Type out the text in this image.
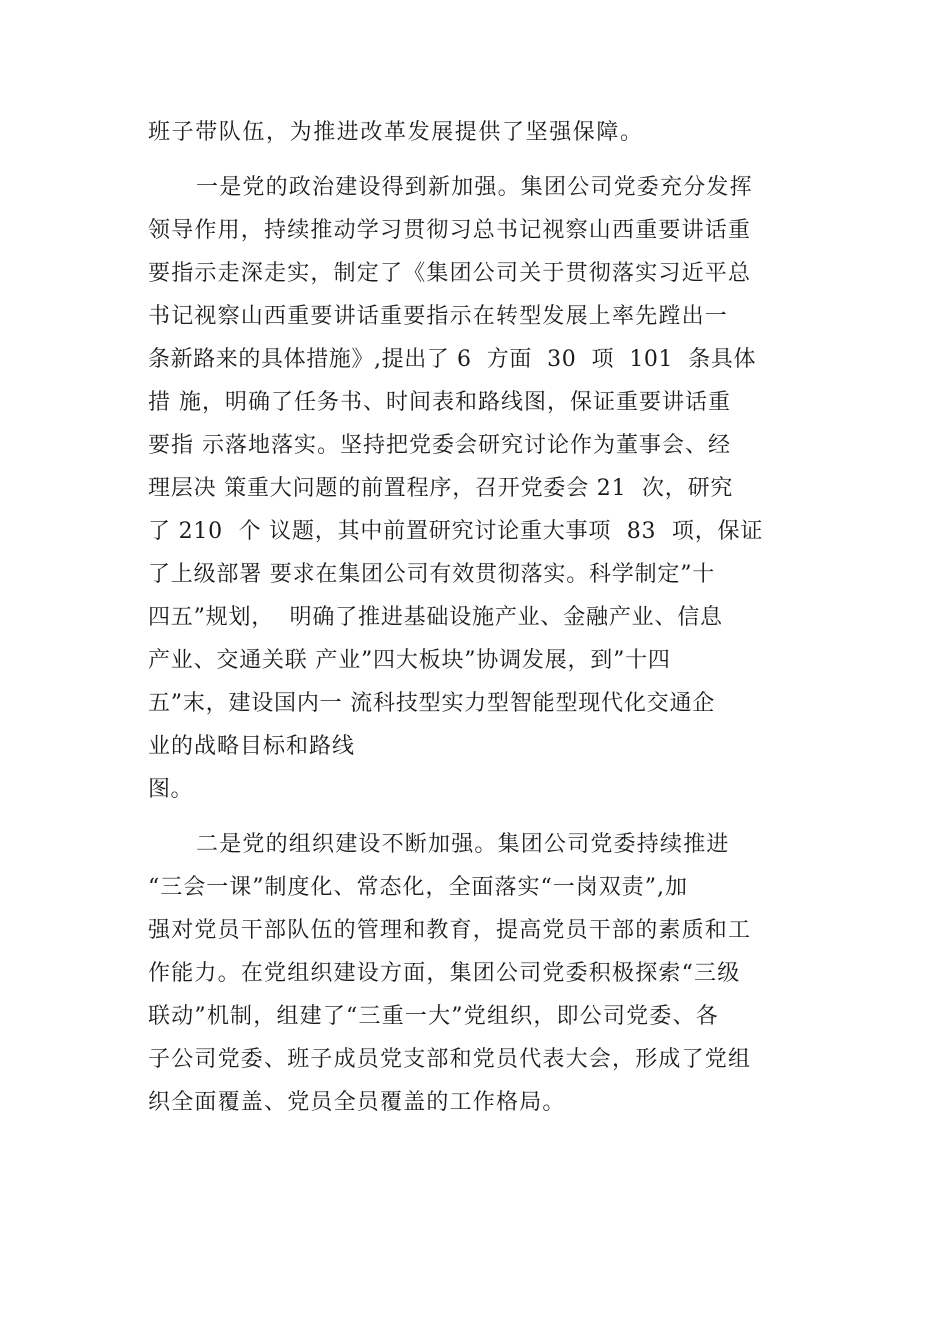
班子带队伍，为推进改革发展提供了坚强保障。

一是党的政治建设得到新加强。集团公司党委充分发挥

领导作用，持续推动学习贯彻习总书记视察山西重要讲话重

要指示走深走实，制定了《集团公司关于贯彻落实习近平总

书记视察山西重要讲话重要指示在转型发展上率先蹚出一

条新路来的具体措施》,提出了 6  方面  30  项  101  条具体

措 施，明确了任务书、时间表和路线图，保证重要讲话重

要指 示落地落实。坚持把党委会研究讨论作为董事会、经

理层决 策重大问题的前置程序，召开党委会 21  次，研究

了 210  个 议题，其中前置研究讨论重大事项  83  项，保证

了上级部署 要求在集团公司有效贯彻落实。科学制定”十

四五”规划，  明确了推进基础设施产业、金融产业、信息

产业、交通关联 产业”四大板块”协调发展，到”十四

五”末，建设国内一 流科技型实力型智能型现代化交通企

业的战略目标和路线

图。

二是党的组织建设不断加强。集团公司党委持续推进

“三会一课”制度化、常态化，全面落实“一岗双责”,加

强对党员干部队伍的管理和教育，提高党员干部的素质和工

作能力。在党组织建设方面，集团公司党委积极探索“三级

联动”机制，组建了“三重一大”党组织，即公司党委、各

子公司党委、班子成员党支部和党员代表大会，形成了党组

织全面覆盖、党员全员覆盖的工作格局。
